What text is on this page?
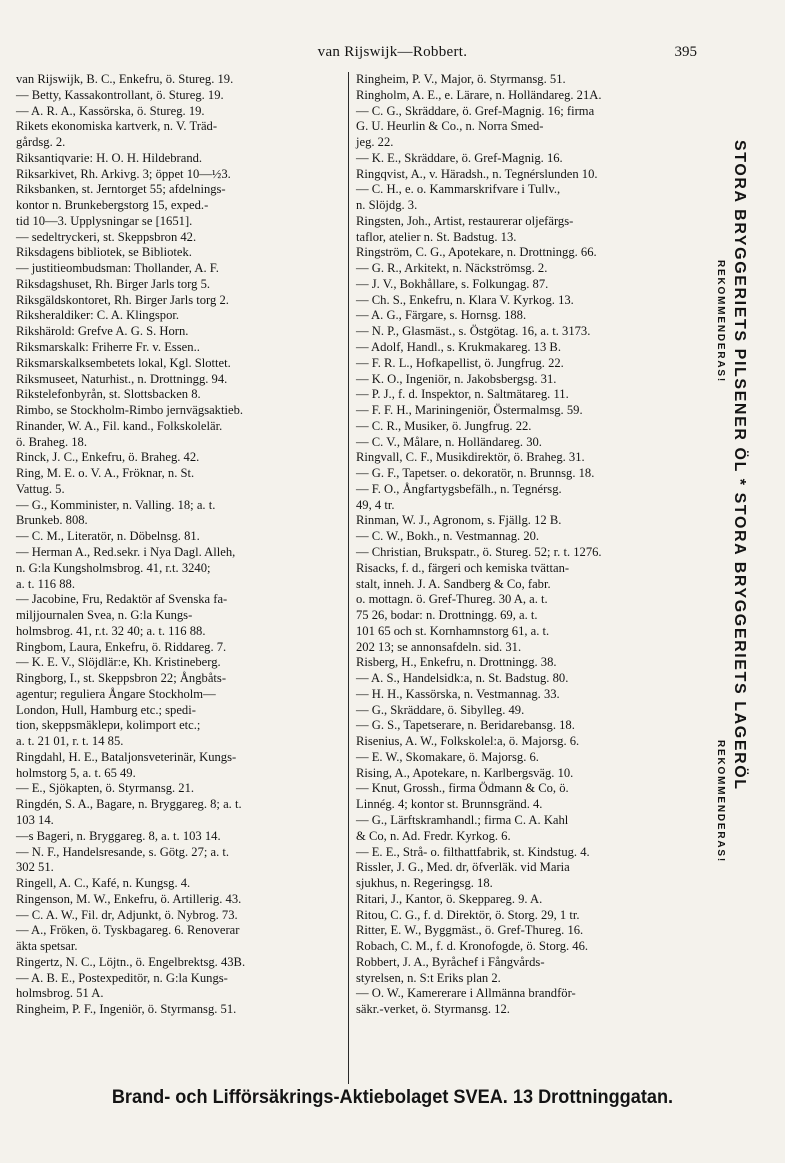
van Rijswijk—Robbert.	395
van Rijswijk, B. C., Enkefru, ö. Stureg. 19.
— Betty, Kassakontrollant, ö. Stureg. 19.
— A. R. A., Kassörska, ö. Stureg. 19.
Rikets ekonomiska kartverk, n. V. Träd-
gårdsg. 2.
Riksantiqvarie: H. O. H. Hildebrand.
Riksarkivet, Rh. Arkivg. 3; öppet 10—½3.
Riksbanken, st. Jerntorget 55; afdelnings-
kontor n. Brunkebergstorg 15, exped.-
tid 10—3. Upplysningar se [1651].
— sedeltryckeri, st. Skeppsbron 42.
Riksdagens bibliotek, se Bibliotek.
— justitieombudsman: Thollander, A. F.
Riksdagshuset, Rh. Birger Jarls torg 5.
Riksgäldskontoret, Rh. Birger Jarls torg 2.
Riksheraldiker: C. A. Klingspor.
Rikshärold: Grefve A. G. S. Horn.
Riksmarskalk: Friherre Fr. v. Essen..
Riksmarskalksembetets lokal, Kgl. Slottet.
Riksmuseet, Naturhist., n. Drottningg. 94.
Rikstelefonbyrån, st. Slottsbacken 8.
Rimbo, se Stockholm-Rimbo jernvägsaktieb.
Rinander, W. A., Fil. kand., Folkskolelär.
ö. Braheg. 18.
Rinck, J. C., Enkefru, ö. Braheg. 42.
Ring, M. E. o. V. A., Fröknar, n. St.
Vattug. 5.
— G., Komminister, n. Valling. 18; a. t.
Brunkeb. 808.
— C. M., Literatör, n. Döbelnsg. 81.
— Herman A., Red.sekr. i Nya Dagl. Alleh,
n. G:la Kungsholmsbrog. 41, r.t. 3240;
a. t. 116 88.
— Jacobine, Fru, Redaktör af Svenska fa-
miljjournalen Svea, n. G:la Kungs-
holmsbrog. 41, r.t. 32 40; a. t. 116 88.
Ringbom, Laura, Enkefru, ö. Riddareg. 7.
— K. E. V., Slöjdlär:e, Kh. Kristineberg.
Ringborg, I., st. Skeppsbron 22; Ångbåts-
agentur; reguliera Ångare Stockholm—
London, Hull, Hamburg etc.; spedi-
tion, skeppsmäklери, kolimport etc.;
a. t. 21 01, r. t. 14 85.
Ringdahl, H. E., Bataljonsveterinär, Kungs-
holmstorg 5, a. t. 65 49.
— E., Sjökapten, ö. Styrmansg. 21.
Ringdén, S. A., Bagare, n. Bryggareg. 8; a. t.
103 14.
—s Bageri, n. Bryggareg. 8, a. t. 103 14.
— N. F., Handelsresande, s. Götg. 27; a. t.
302 51.
Ringell, A. C., Kafé, n. Kungsg. 4.
Ringenson, M. W., Enkefru, ö. Artillerig. 43.
— C. A. W., Fil. dr, Adjunkt, ö. Nybrog. 73.
— A., Fröken, ö. Tyskbagareg. 6. Renoverar
äkta spetsar.
Ringertz, N. C., Löjtn., ö. Engelbrektsg. 43B.
— A. B. E., Postexpeditör, n. G:la Kungs-
holmsbrog. 51 A.
Ringheim, P. F., Ingeniör, ö. Styrmansg. 51.
Ringheim, P. V., Major, ö. Styrmansg. 51.
Ringholm, A. E., e. Lärare, n. Holländareg. 21A.
— C. G., Skräddare, ö. Gref-Magnig. 16; firma
G. U. Heurlin & Co., n. Norra Smed-
jeg. 22.
— K. E., Skräddare, ö. Gref-Magnig. 16.
Ringqvist, A., v. Häradsh., n. Tegnérslunden 10.
— C. H., e. o. Kammarskrifvare i Tullv.,
n. Slöjdg. 3.
Ringsten, Joh., Artist, restaurerar oljefärgs-
taflor, atelier n. St. Badstug. 13.
Ringström, C. G., Apotekare, n. Drottningg. 66.
— G. R., Arkitekt, n. Näckströmsg. 2.
— J. V., Bokhållare, s. Folkungag. 87.
— Ch. S., Enkefru, n. Klara V. Kyrkog. 13.
— A. G., Färgare, s. Hornsg. 188.
— N. P., Glasmäst., s. Östgötag. 16, a. t. 3173.
— Adolf, Handl., s. Krukmakareg. 13 B.
— F. R. L., Hofkapellist, ö. Jungfrug. 22.
— K. O., Ingeniör, n. Jakobsbergsg. 31.
— P. J., f. d. Inspektor, n. Saltmätareg. 11.
— F. F. H., Mariningeniör, Östermalmsg. 59.
— C. R., Musiker, ö. Jungfrug. 22.
— C. V., Målare, n. Holländareg. 30.
Ringvall, C. F., Musikdirektör, ö. Braheg. 31.
— G. F., Tapetser. o. dekoratör, n. Brunnsg. 18.
— F. O., Ångfartygsbefälh., n. Tegnérsg.
49, 4 tr.
Rinman, W. J., Agronom, s. Fjällg. 12 B.
— C. W., Bokh., n. Vestmannag. 20.
— Christian, Brukspatr., ö. Stureg. 52; r. t. 1276.
Risacks, f. d., färgeri och kemiska tvättan-
stalt, inneh. J. A. Sandberg & Co, fabr.
o. mottagn. ö. Gref-Thureg. 30 A, a. t.
75 26, bodar: n. Drottningg. 69, a. t.
101 65 och st. Kornhamnstorg 61, a. t.
202 13; se annonsafdeln. sid. 31.
Risberg, H., Enkefru, n. Drottningg. 38.
— A. S., Handelsidk:a, n. St. Badstug. 80.
— H. H., Kassörska, n. Vestmannag. 33.
— G., Skräddare, ö. Sibylleg. 49.
— G. S., Tapetserare, n. Beridarebansg. 18.
Risenius, A. W., Folkskolel:a, ö. Majorsg. 6.
— E. W., Skomakare, ö. Majorsg. 6.
Rising, A., Apotekare, n. Karlbergsväg. 10.
— Knut, Grossh., firma Ödmann & Co, ö.
Linnég. 4; kontor st. Brunnsgränd. 4.
— G., Lärftskramhandl.; firma C. A. Kahl
& Co, n. Ad. Fredr. Kyrkog. 6.
— E. E., Strå- o. filthattfabrik, st. Kindstug. 4.
Rissler, J. G., Med. dr, öfverläk. vid Maria
sjukhus, n. Regeringsg. 18.
Ritari, J., Kantor, ö. Skeppareg. 9. A.
Ritou, C. G., f. d. Direktör, ö. Storg. 29, 1 tr.
Ritter, E. W., Byggmäst., ö. Gref-Thureg. 16.
Robach, C. M., f. d. Kronofogde, ö. Storg. 46.
Robbert, J. A., Byråchef i Fångvårds-
styrelsen, n. S:t Eriks plan 2.
— O. W., Kamererare i Allmänna brandför-
säkr.-verket, ö. Styrmansg. 12.
STORA BRYGGERIETS PILSENER ÖL * STORA BRYGGERIETS LAGERÖL
REKOMMENDERAS!
REKOMMENDERAS!
Brand- och Lifförsäkrings-Aktiebolaget SVEA. 13 Drottninggatan.
